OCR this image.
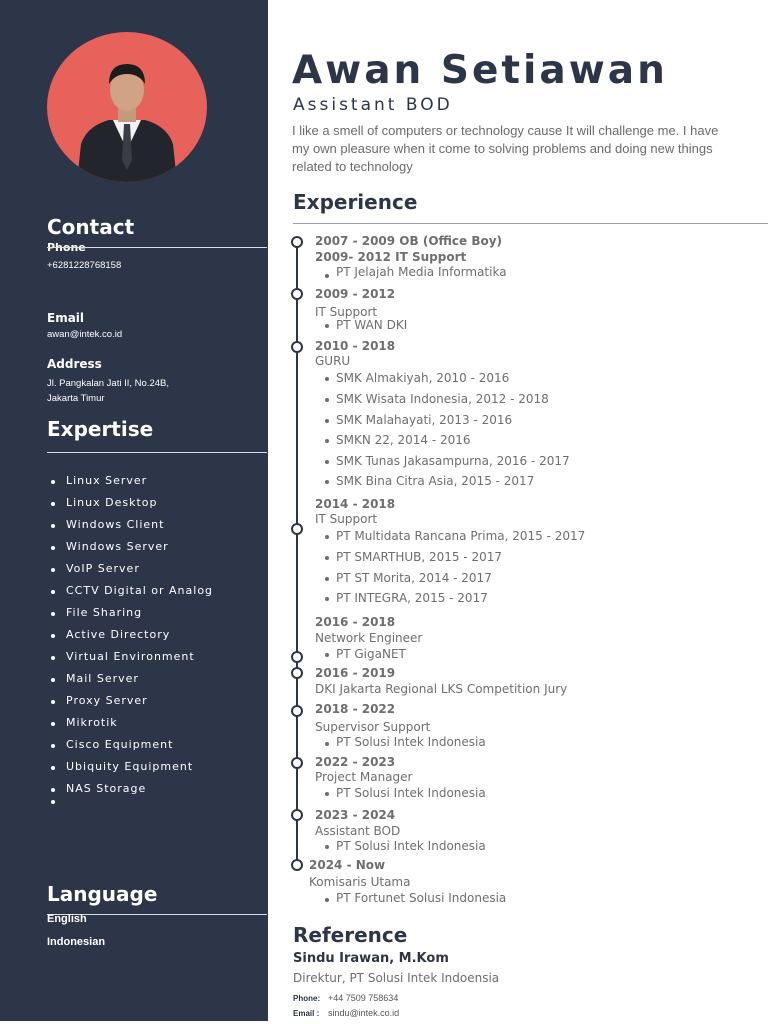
Contact
Phone
+6281228768158
Email
awan@intek.co.id
Address
Jl. Pangkalan Jati II, No.24B,
Jakarta Timur
Expertise
Linux Server
Linux Desktop
Windows Client
Windows Server
VoIP Server
CCTV Digital or Analog
File Sharing
Active Directory
Virtual Environment
Mail Server
Proxy Server
Mikrotik
Cisco Equipment
Ubiquity Equipment
NAS Storage
Language
English
Indonesian
Awan Setiawan
Assistant BOD

I like a smell of computers or technology cause It will challenge me. I have my own pleasure when it come to solving problems and doing new things related to technology

Experience
2007 - 2009 OB (Office Boy)
2009- 2012 IT Support
PT Jelajah Media Informatika
2009 - 2012
IT Support
PT WAN DKI
2010 - 2018
GURU
SMK Almakiyah, 2010 - 2016
SMK Wisata Indonesia, 2012 - 2018
SMK Malahayati, 2013 - 2016
SMKN 22, 2014 - 2016
SMK Tunas Jakasampurna, 2016 - 2017
SMK Bina Citra Asia, 2015 - 2017
2014 - 2018
IT Support
PT Multidata Rancana Prima, 2015 - 2017
PT SMARTHUB, 2015 - 2017
PT ST Morita, 2014 - 2017
PT INTEGRA, 2015 - 2017
2016 - 2018
Network Engineer
PT GigaNET
2016 - 2019
DKI Jakarta Regional LKS Competition Jury
2018 - 2022
Supervisor Support
PT Solusi Intek Indonesia
2022 - 2023
Project Manager
PT Solusi Intek Indonesia
2023 - 2024
Assistant BOD
PT Solusi Intek Indonesia
2024 - Now
Komisaris Utama
PT Fortunet Solusi Indonesia
Reference
Sindu Irawan, M.Kom
Direktur, PT Solusi Intek Indoensia
Phone: +44 7509 758634
Email : sindu@intek.co.id
